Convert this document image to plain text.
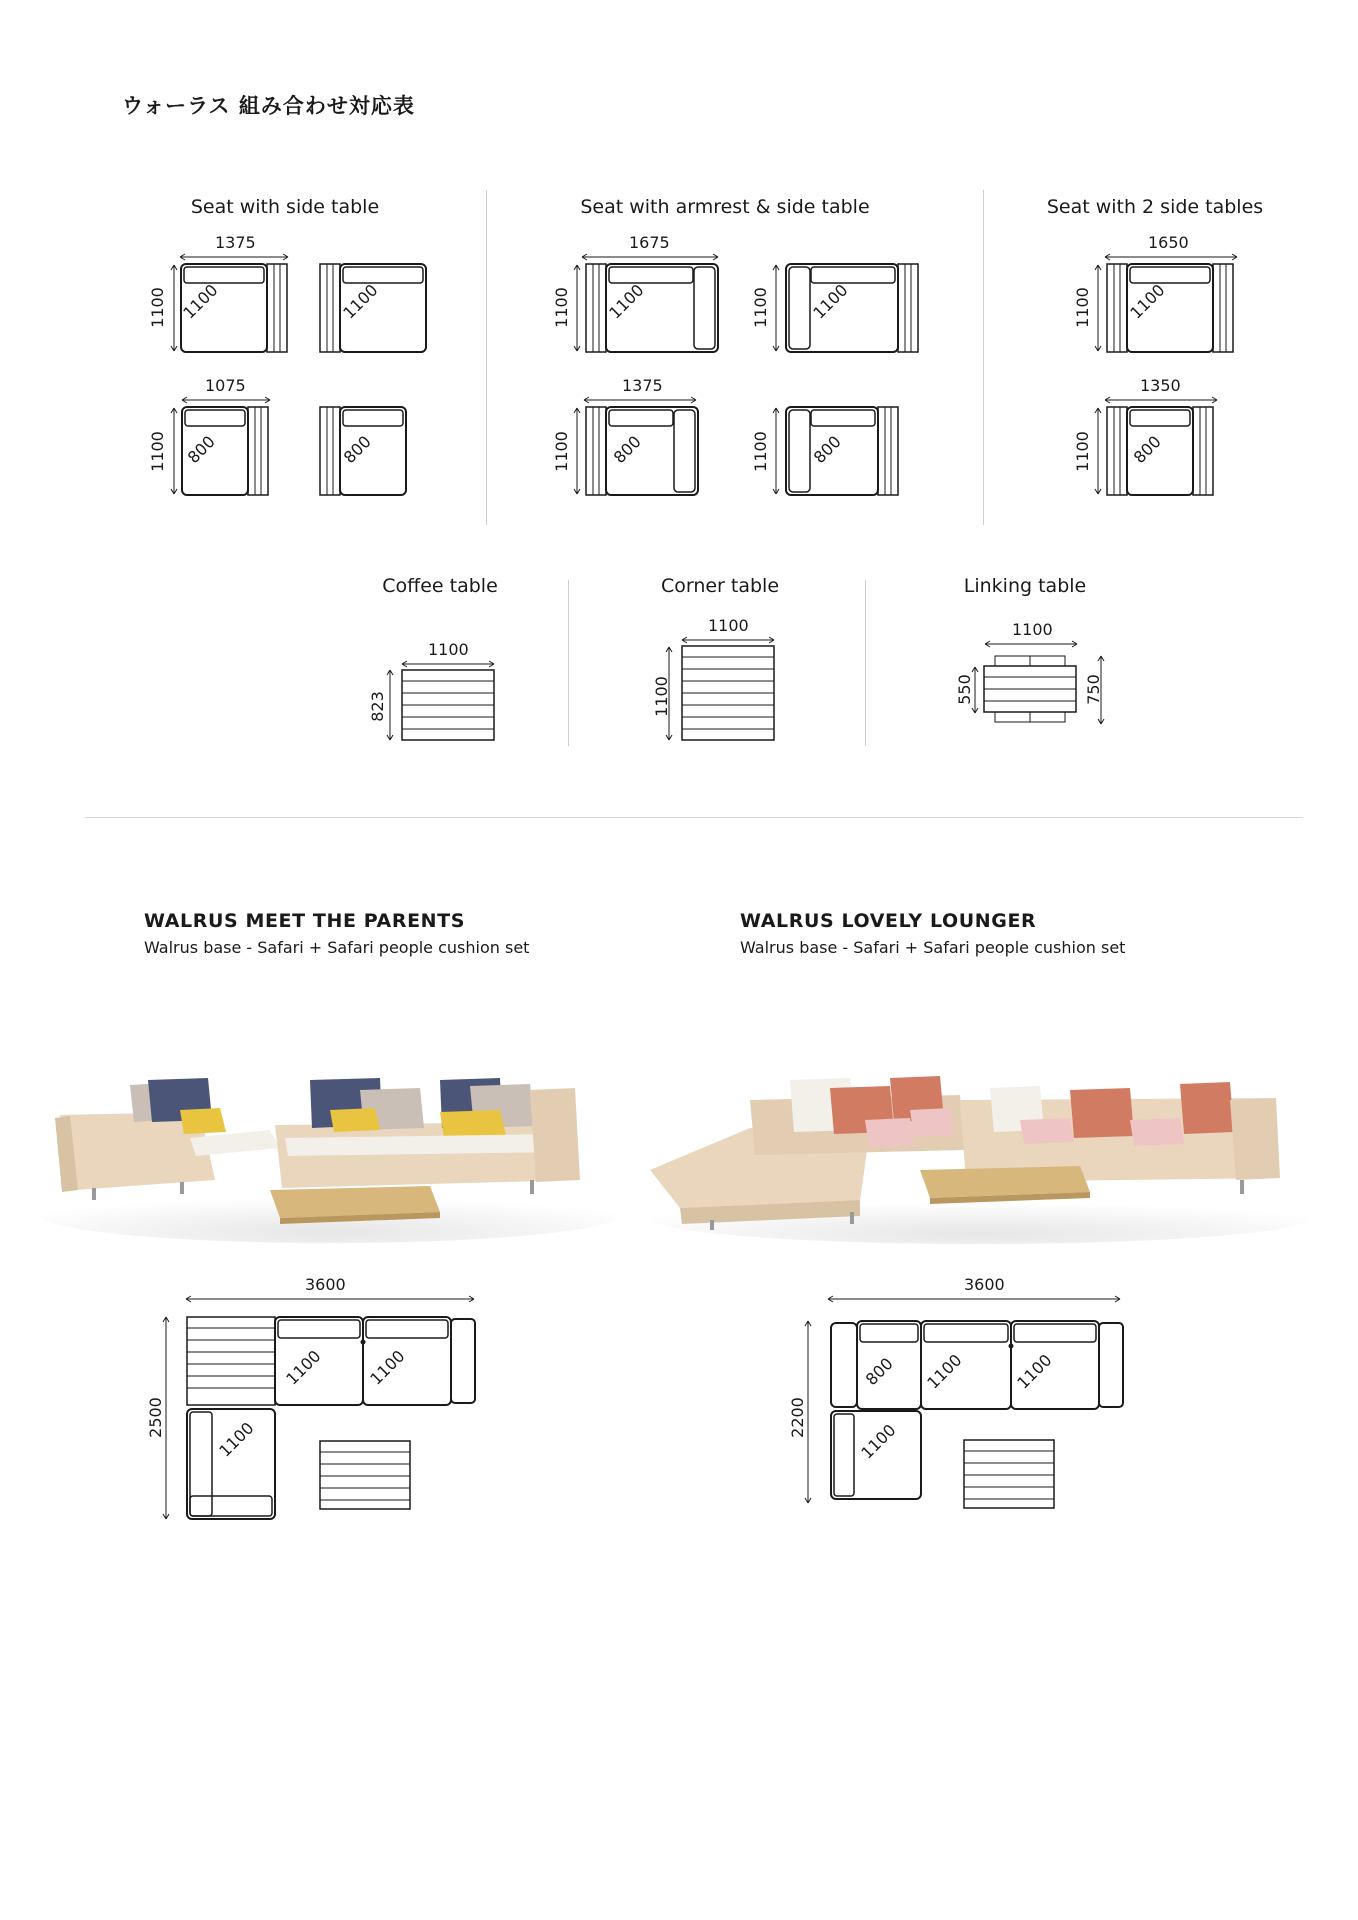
ウォーラス 組み合わせ対応表
Seat with side table	Seat with armrest & side table	Seat with 2 side tables
1375
1100 1100	1100
1075
1100 800	800
1675
1100 1100	1100 1100
1375
1100 800	1100 800
1650
1100 1100
1350
1100 800
Coffee table	Corner table	Linking table
1100
823
1100
1100
1100
550	750
WALRUS MEET THE PARENTS
Walrus base - Safari + Safari people cushion set
WALRUS LOVELY LOUNGER
Walrus base - Safari + Safari people cushion set
3600
2500
1100	1100
1100
3600
2200
800 1100	1100
1100
